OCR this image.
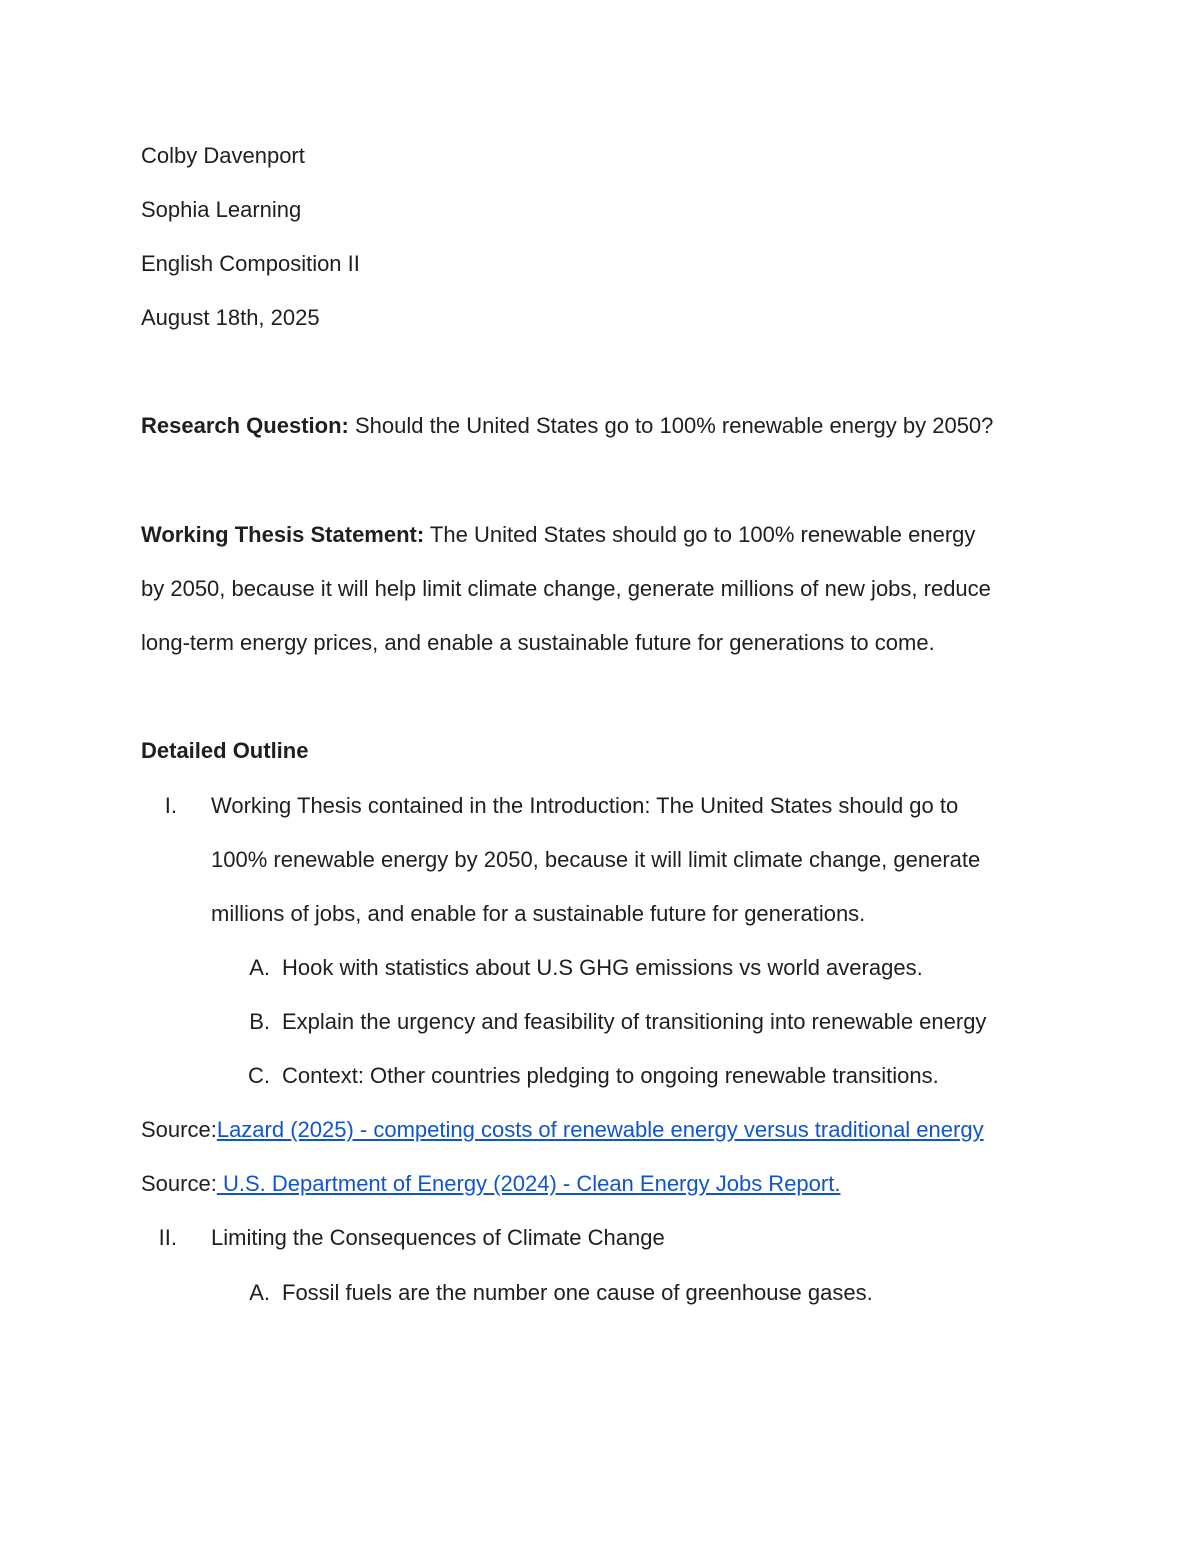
Colby Davenport
Sophia Learning
English Composition II
August 18th, 2025
Research Question: Should the United States go to 100% renewable energy by 2050?
Working Thesis Statement: The United States should go to 100% renewable energy
by 2050, because it will help limit climate change, generate millions of new jobs, reduce
long-term energy prices, and enable a sustainable future for generations to come.
Detailed Outline
I. Working Thesis contained in the Introduction: The United States should go to
100% renewable energy by 2050, because it will limit climate change, generate
millions of jobs, and enable for a sustainable future for generations.
A. Hook with statistics about U.S GHG emissions vs world averages.
B. Explain the urgency and feasibility of transitioning into renewable energy
C. Context: Other countries pledging to ongoing renewable transitions.
Source:Lazard (2025) - competing costs of renewable energy versus traditional energy
Source: U.S. Department of Energy (2024) - Clean Energy Jobs Report.
II. Limiting the Consequences of Climate Change
A. Fossil fuels are the number one cause of greenhouse gases.
